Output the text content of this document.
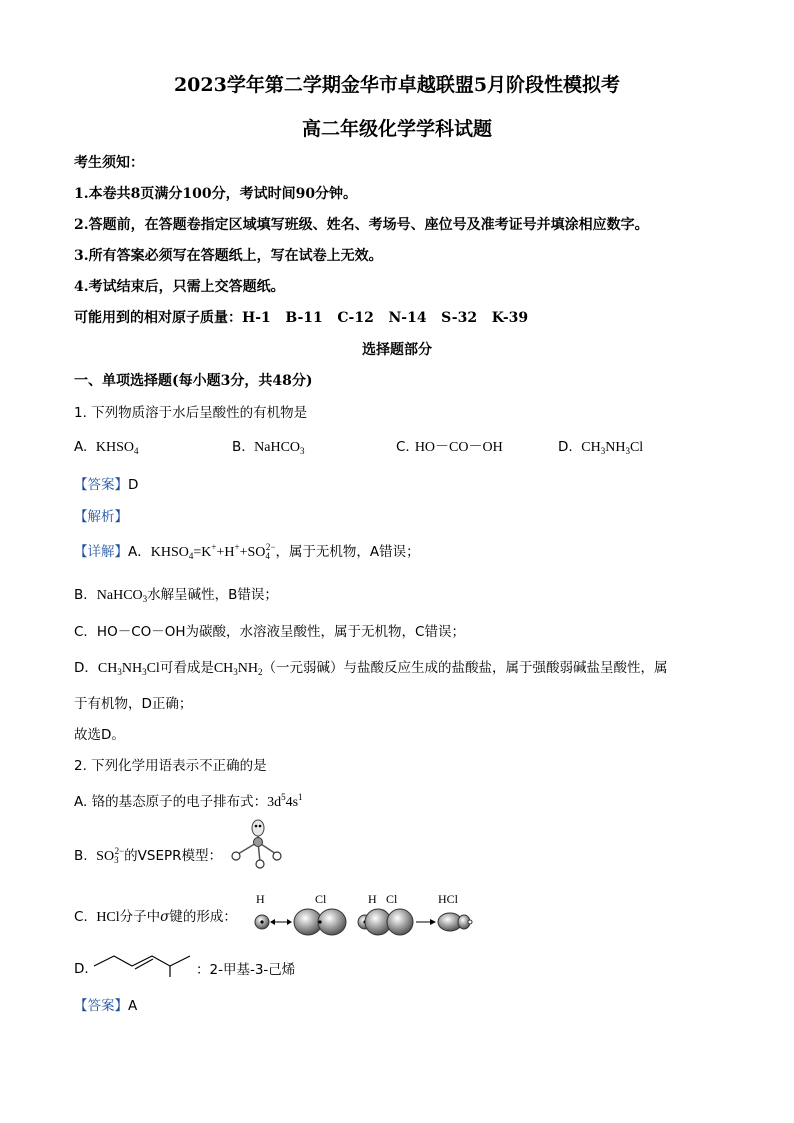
2023学年第二学期金华市卓越联盟5月阶段性模拟考
高二年级化学学科试题
考生须知：
1.本卷共8页满分100分，考试时间90分钟。
2.答题前，在答题卷指定区域填写班级、姓名、考场号、座位号及准考证号并填涂相应数字。
3.所有答案必须写在答题纸上，写在试卷上无效。
4.考试结束后，只需上交答题纸。
可能用到的相对原子质量：H-1   B-11   C-12   N-14   S-32   K-39
选择题部分
一、单项选择题(每小题3分，共48分)
1. 下列物质溶于水后呈酸性的有机物是
A.  $KHSO_4$	B.  NaHCO$_3$	C. HO－CO－OH	D.  $CH_3NH_3Cl$
【答案】D
【解析】
【详解】A．$KHSO_4=K^++H^++SO_4^{2-}$，属于无机物，A错误；
B．NaHCO$_3$水解呈碱性，B错误；
C．HO－CO－OH为碳酸，水溶液呈酸性，属于无机物，C错误；
D．$CH_3NH_3Cl$可看成是$CH_3NH_2$（一元弱碱）与盐酸反应生成的盐酸盐，属于强酸弱碱盐呈酸性，属
于有机物，D正确；
故选D。
2. 下列化学用语表示不正确的是
A. 铬的基态原子的电子排布式：$3d^54s^1$
B.  $SO_3^{2-}$的VSEPR模型：
C.  HCl分子中σ键的形成：
H	Cl	H Cl	HCl
D.	：2-甲基-3-己烯
【答案】A
